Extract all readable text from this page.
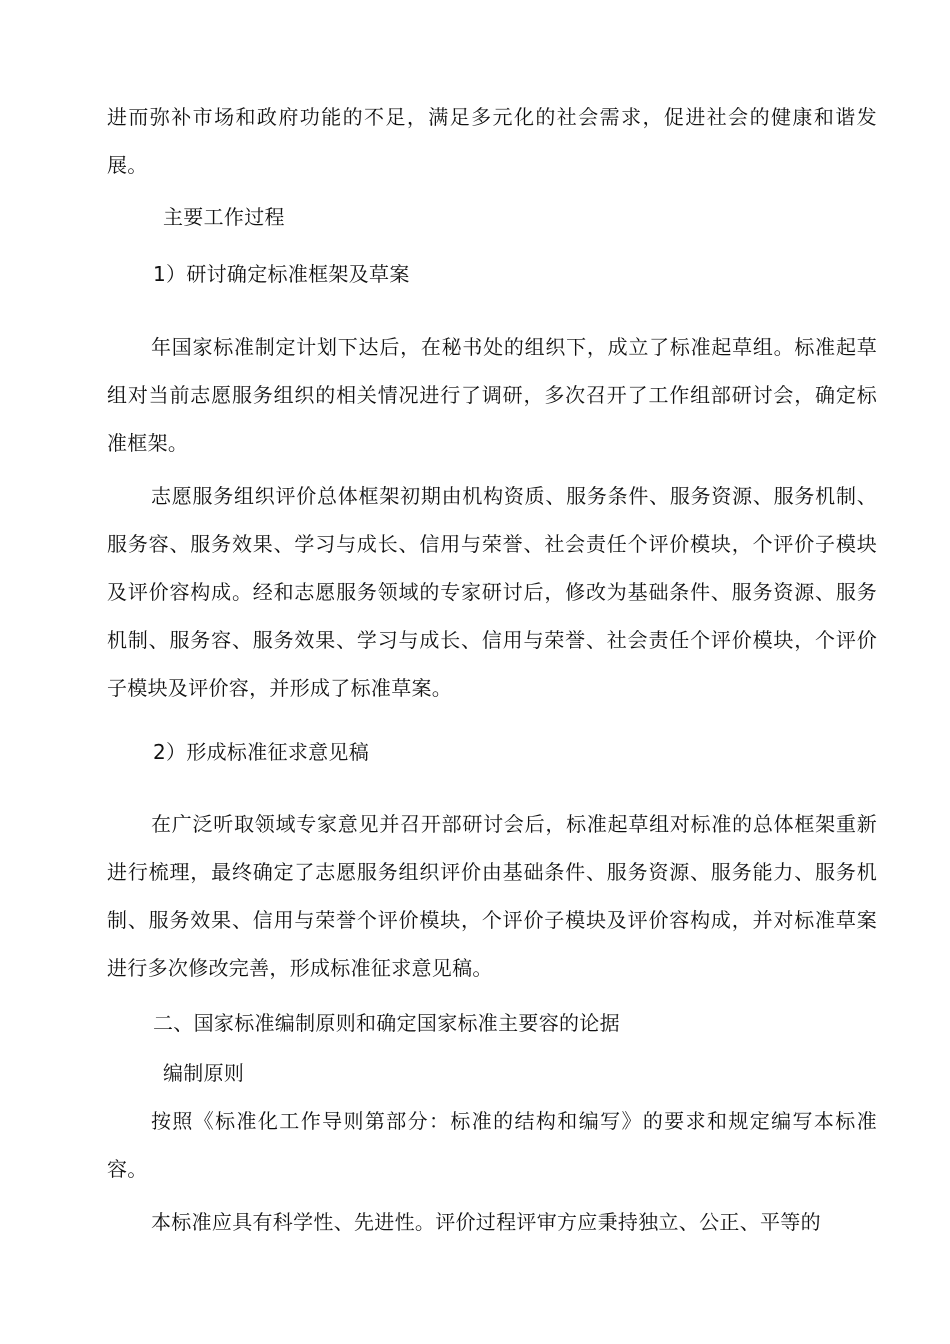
进而弥补市场和政府功能的不足，满足多元化的社会需求，促进社会的健康和谐发展。

主要工作过程

1）研讨确定标准框架及草案

年国家标准制定计划下达后，在秘书处的组织下，成立了标准起草组。标准起草组对当前志愿服务组织的相关情况进行了调研，多次召开了工作组部研讨会，确定标准框架。

志愿服务组织评价总体框架初期由机构资质、服务条件、服务资源、服务机制、服务容、服务效果、学习与成长、信用与荣誉、社会责任个评价模块，个评价子模块及评价容构成。经和志愿服务领域的专家研讨后，修改为基础条件、服务资源、服务机制、服务容、服务效果、学习与成长、信用与荣誉、社会责任个评价模块，个评价子模块及评价容，并形成了标准草案。

2）形成标准征求意见稿

在广泛听取领域专家意见并召开部研讨会后，标准起草组对标准的总体框架重新进行梳理，最终确定了志愿服务组织评价由基础条件、服务资源、服务能力、服务机制、服务效果、信用与荣誉个评价模块，个评价子模块及评价容构成，并对标准草案进行多次修改完善，形成标准征求意见稿。

二、国家标准编制原则和确定国家标准主要容的论据

编制原则

按照《标准化工作导则第部分：标准的结构和编写》的要求和规定编写本标准容。

本标准应具有科学性、先进性。评价过程评审方应秉持独立、公正、平等的
